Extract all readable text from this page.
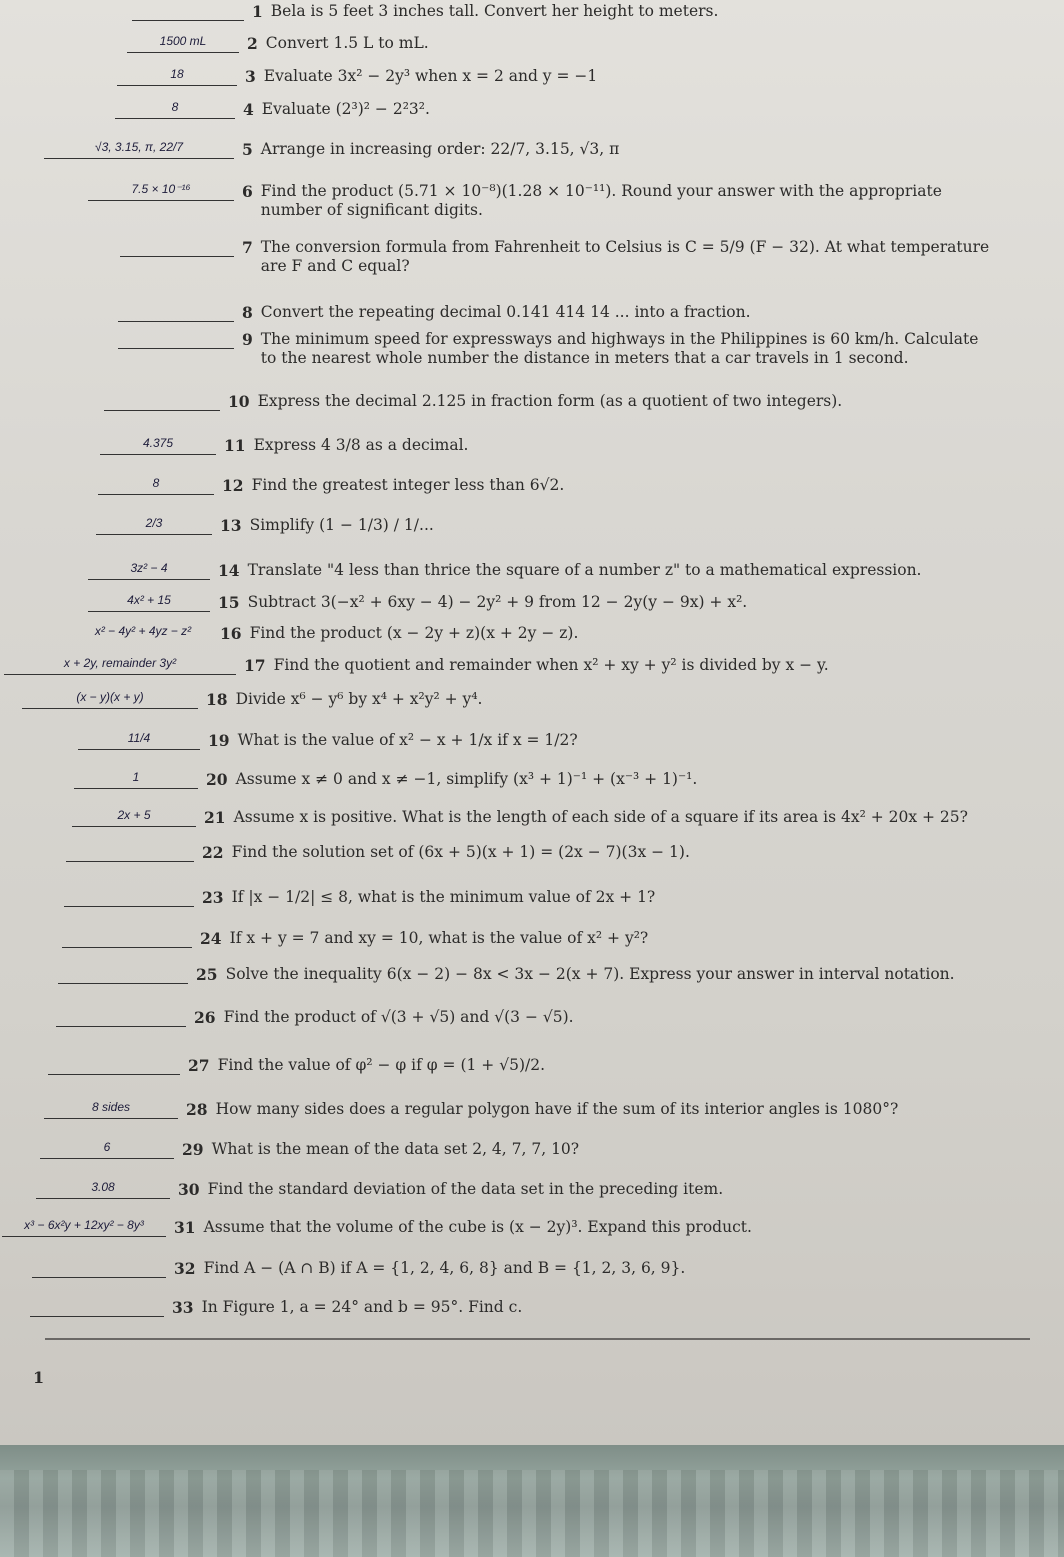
1 Bela is 5 feet 3 inches tall. Convert her height to meters.
1500 mL	2 Convert 1.5 L to mL.
18	3 Evaluate 3x² − 2y³ when x = 2 and y = −1
8	4 Evaluate (2³)² − 2²3².
√3, 3.15, π, 22/7	5 Arrange in increasing order: 22/7, 3.15, √3, π
7.5 × 10⁻¹⁶	6 Find the product (5.71 × 10⁻⁸)(1.28 × 10⁻¹¹). Round your answer with the appropriate number of significant digits.
7 The conversion formula from Fahrenheit to Celsius is C = 5/9 (F − 32). At what temperature are F and C equal?
8 Convert the repeating decimal 0.141 414 14 ... into a fraction.
9 The minimum speed for expressways and highways in the Philippines is 60 km/h. Calculate to the nearest whole number the distance in meters that a car travels in 1 second.
10 Express the decimal 2.125 in fraction form (as a quotient of two integers).
4.375	11 Express 4 3/8 as a decimal.
8	12 Find the greatest integer less than 6√2.
2/3	13 Simplify (1 − 1/3) / 1/...
3z² − 4	14 Translate "4 less than thrice the square of a number z" to a mathematical expression.
4x² + 15	15 Subtract 3(−x² + 6xy − 4) − 2y² + 9 from 12 − 2y(y − 9x) + x².
x² − 4y² + 4yz − z²	16 Find the product (x − 2y + z)(x + 2y − z).
x + 2y, remainder 3y²	17 Find the quotient and remainder when x² + xy + y² is divided by x − y.
(x − y)(x + y)	18 Divide x⁶ − y⁶ by x⁴ + x²y² + y⁴.
11/4	19 What is the value of x² − x + 1/x if x = 1/2?
1	20 Assume x ≠ 0 and x ≠ −1, simplify (x³ + 1)⁻¹ + (x⁻³ + 1)⁻¹.
2x + 5	21 Assume x is positive. What is the length of each side of a square if its area is 4x² + 20x + 25?
22 Find the solution set of (6x + 5)(x + 1) = (2x − 7)(3x − 1).
23 If |x − 1/2| ≤ 8, what is the minimum value of 2x + 1?
24 If x + y = 7 and xy = 10, what is the value of x² + y²?
25 Solve the inequality 6(x − 2) − 8x < 3x − 2(x + 7). Express your answer in interval notation.
26 Find the product of √(3 + √5) and √(3 − √5).
27 Find the value of φ² − φ if φ = (1 + √5)/2.
8 sides	28 How many sides does a regular polygon have if the sum of its interior angles is 1080°?
6	29 What is the mean of the data set 2, 4, 7, 7, 10?
3.08	30 Find the standard deviation of the data set in the preceding item.
x³ − 6x²y + 12xy² − 8y³	31 Assume that the volume of the cube is (x − 2y)³. Expand this product.
32 Find A − (A ∩ B) if A = {1, 2, 4, 6, 8} and B = {1, 2, 3, 6, 9}.
33 In Figure 1, a = 24° and b = 95°. Find c.
1
